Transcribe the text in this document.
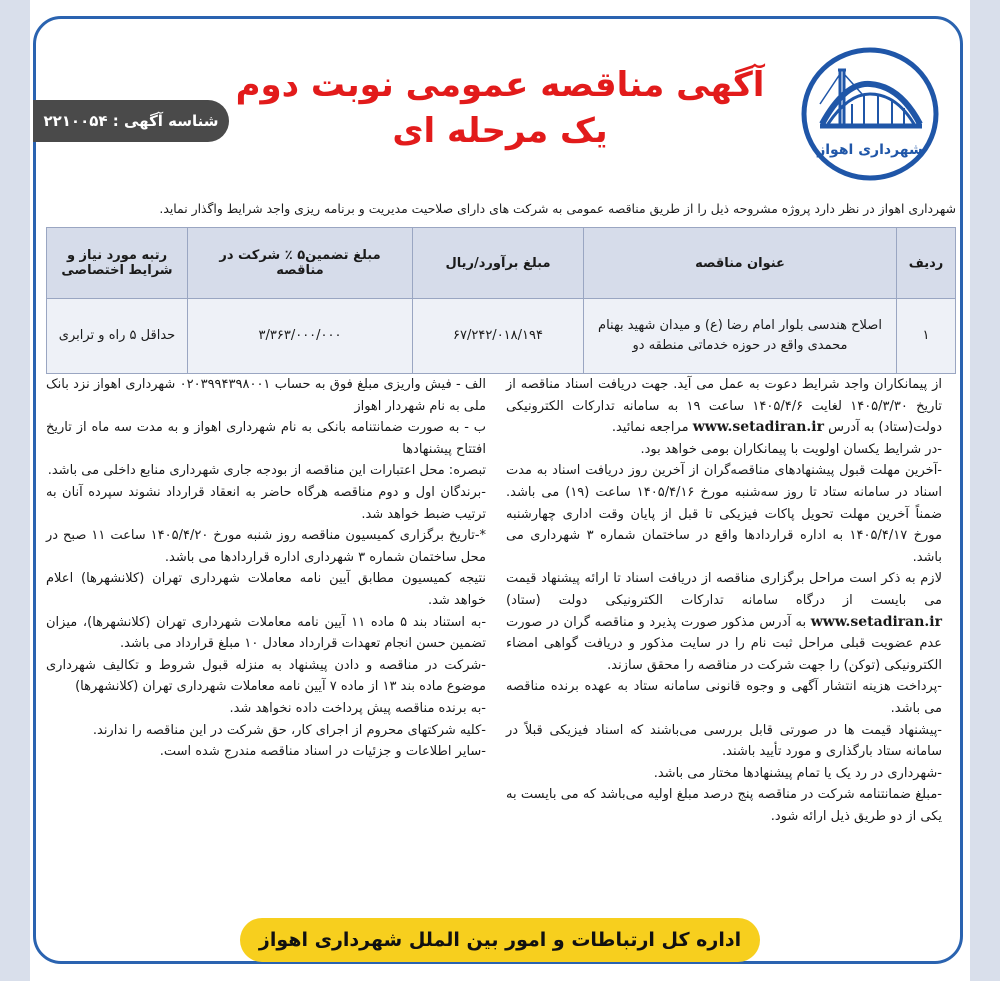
شهرداری اهواز
آگهی مناقصه عمومی نوبت دوم
یک مرحله ای
شناسه آگهی : ۲۲۱۰۰۵۴
شهرداری اهواز در نظر دارد پروژه مشروحه ذیل را از طریق مناقصه عمومی به شرکت های دارای صلاحیت مدیریت و برنامه ریزی واجد شرایط واگذار نماید.
ردیف	عنوان مناقصه	مبلغ برآورد/ریال	مبلغ تضمین۵ ٪ شرکت در مناقصه	رتبه مورد نیاز و شرایط اختصاصی
۱	اصلاح هندسی بلوار امام رضا (ع) و میدان شهید بهنام محمدی واقع در حوزه خدماتی منطقه دو	۶۷/۲۴۲/۰۱۸/۱۹۴	۳/۳۶۳/۰۰۰/۰۰۰	حداقل ۵ راه و ترابری

از پیمانکاران واجد شرایط دعوت به عمل می آید. جهت دریافت اسناد مناقصه از تاریخ ۱۴۰۵/۳/۳۰ لغایت ۱۴۰۵/۴/۶ ساعت ۱۹ به سامانه تدارکات الکترونیکی دولت(ستاد) به آدرس www.setadiran.ir مراجعه نمائید.

-در شرایط یکسان اولویت با پیمانکاران بومی خواهد بود.

-آخرین مهلت قبول پیشنهادهای مناقصه‌گران از آخرین روز دریافت اسناد به مدت اسناد در سامانه ستاد تا روز سه‌شنبه مورخ ۱۴۰۵/۴/۱۶ ساعت (۱۹) می باشد. ضمناً آخرین مهلت تحویل پاکات فیزیکی تا قبل از پایان وقت اداری چهارشنبه مورخ ۱۴۰۵/۴/۱۷ به اداره قراردادها واقع در ساختمان شماره ۳ شهرداری می باشد.

لازم به ذکر است مراحل برگزاری مناقصه از دریافت اسناد تا ارائه پیشنهاد قیمت می بایست از درگاه سامانه تدارکات الکترونیکی دولت (ستاد) www.setadiran.ir به آدرس مذکور صورت پذیرد و مناقصه گران در صورت عدم عضویت قبلی مراحل ثبت نام را در سایت مذکور و دریافت گواهی امضاء الکترونیکی (توکن) را جهت شرکت در مناقصه را محقق سازند.

-پرداخت هزینه انتشار آگهی و وجوه قانونی سامانه ستاد به عهده برنده مناقصه می باشد.

-پیشنهاد قیمت ها در صورتی قابل بررسی می‌باشند که اسناد فیزیکی قبلاً در سامانه ستاد بارگذاری و مورد تأیید باشند.

-شهرداری در رد یک یا تمام پیشنهادها مختار می باشد.

-مبلغ ضمانتنامه شرکت در مناقصه پنج درصد مبلغ اولیه می‌باشد که می بایست به یکی از دو طریق ذیل ارائه شود.

الف - فیش واریزی مبلغ فوق به حساب ۰۲۰۳۹۹۴۳۹۸۰۰۱ شهرداری اهواز نزد بانک ملی به نام شهردار اهواز

ب - به صورت ضمانتنامه بانکی به نام شهرداری اهواز و به مدت سه ماه از تاریخ افتتاح پیشنهادها

تبصره: محل اعتبارات این مناقصه از بودجه جاری شهرداری منابع داخلی می باشد.

-برندگان اول و دوم مناقصه هرگاه حاضر به انعقاد قرارداد نشوند سپرده آنان به ترتیب ضبط خواهد شد.

*-تاریخ برگزاری کمیسیون مناقصه روز شنبه مورخ ۱۴۰۵/۴/۲۰ ساعت ۱۱ صبح در محل ساختمان شماره ۳ شهرداری اداره قراردادها می باشد.

نتیجه کمیسیون مطابق آیین نامه معاملات شهرداری تهران (کلانشهرها) اعلام خواهد شد.

-به استناد بند ۵ ماده ۱۱ آیین نامه معاملات شهرداری تهران (کلانشهرها)، میزان تضمین حسن انجام تعهدات قرارداد معادل ۱۰ مبلغ قرارداد می باشد.

-شرکت در مناقصه و دادن پیشنهاد به منزله قبول شروط و تکالیف شهرداری موضوع ماده بند ۱۳ از ماده ۷ آیین نامه معاملات شهرداری تهران (کلانشهرها)

-به برنده مناقصه پیش پرداخت داده نخواهد شد.

-کلیه شرکتهای محروم از اجرای کار، حق شرکت در این مناقصه را ندارند.

-سایر اطلاعات و جزئیات در اسناد مناقصه مندرج شده است.

اداره کل ارتباطات و امور بین الملل شهرداری اهواز
